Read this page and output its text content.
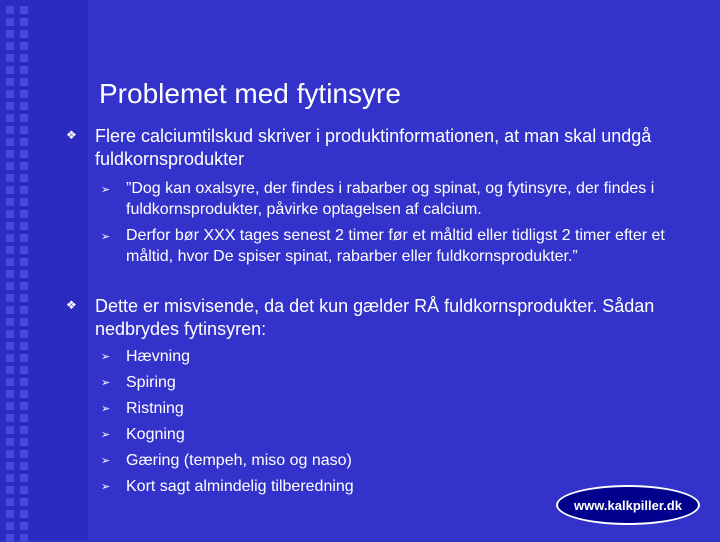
Problemet med fytinsyre
❖ Flere calciumtilskud skriver i produktinformationen, at man skal undgå fuldkornsprodukter
➢ ”Dog kan oxalsyre, der findes i rabarber og spinat, og fytinsyre, der findes i fuldkornsprodukter, påvirke optagelsen af calcium.
➢ Derfor bør XXX tages senest 2 timer før et måltid eller tidligst 2 timer efter et måltid, hvor De spiser spinat, rabarber eller fuldkornsprodukter.”
❖ Dette er misvisende, da det kun gælder RÅ fuldkornsprodukter. Sådan nedbrydes fytinsyren:
➢ Hævning
➢ Spiring
➢ Ristning
➢ Kogning
➢ Gæring (tempeh, miso og naso)
➢ Kort sagt almindelig tilberedning
www.kalkpiller.dk
